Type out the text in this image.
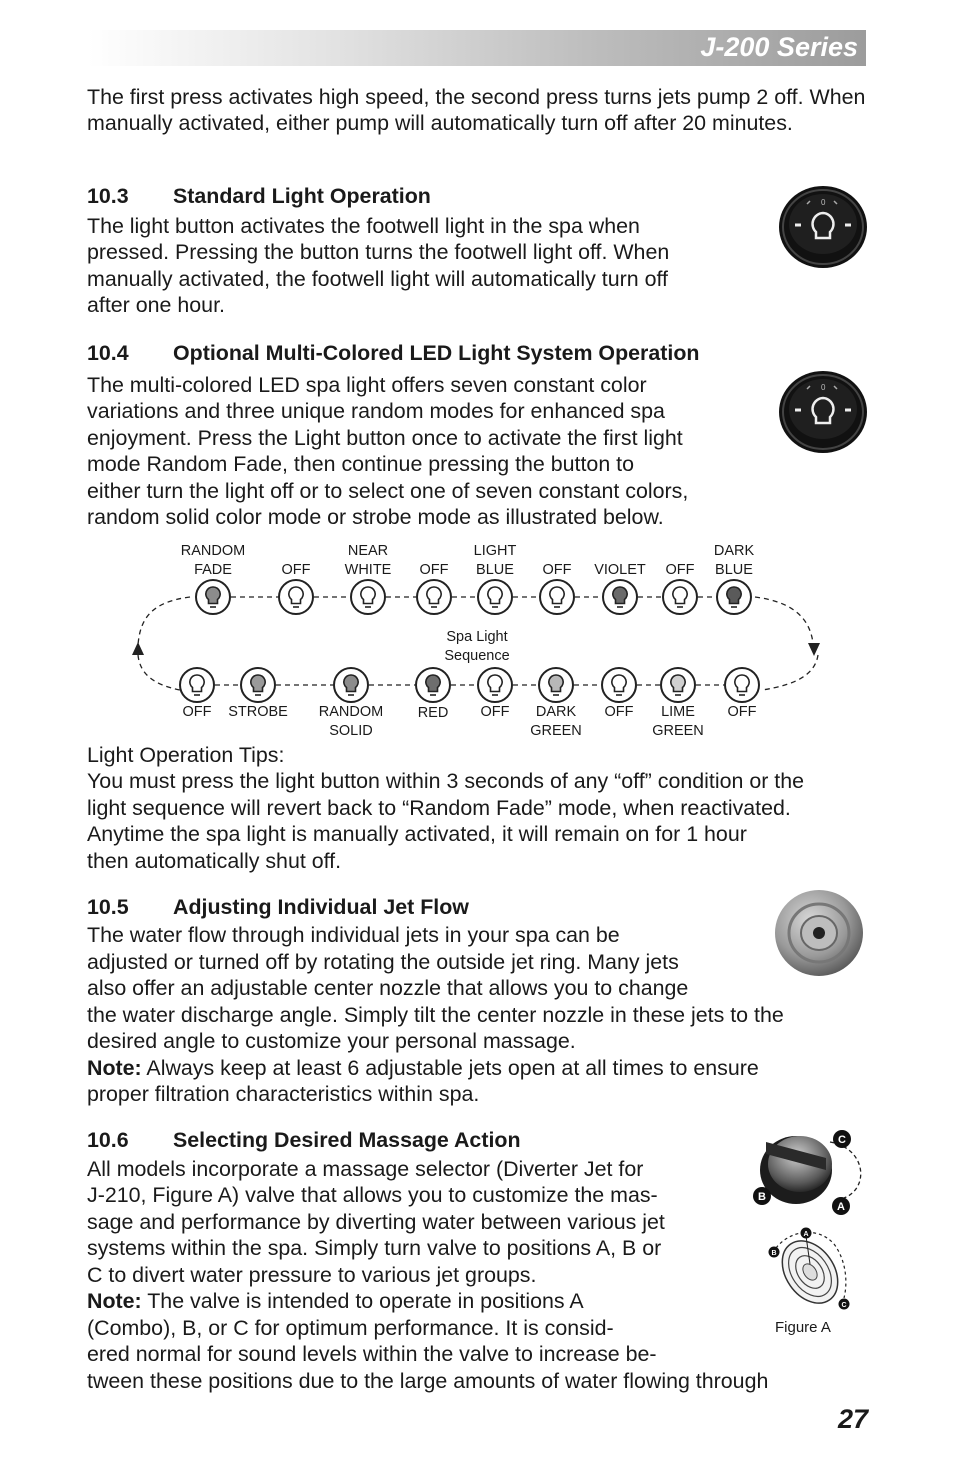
J-200 Series

The first press activates high speed, the second press turns jets pump 2 off. When manually activated, either pump will automatically turn off after 20 minutes.

10.3 Standard Light Operation

The light button activates the footwell light in the spa when

pressed. Pressing the button turns the footwell light off. When

manually activated, the footwell light will automatically turn off

after one hour.

0

10.4 Optional Multi-Colored LED Light System Operation

The multi-colored LED spa light offers seven constant color

variations and three unique random modes for enhanced spa

enjoyment. Press the Light button once to activate the first light

mode Random Fade, then continue pressing the button to

either turn the light off or to select one of seven constant colors,

random solid color mode or strobe mode as illustrated below.

0
Spa Light Sequence
RANDOM
FADE	OFF
NEAR
WHITE	OFF
LIGHT
BLUE	OFF	VIOLET	OFF
DARK
BLUE
OFF	STROBE	RANDOM
SOLID
RED	OFF	DARK
GREEN
OFF	LIME
GREEN
OFF

Light Operation Tips:

You must press the light button within 3 seconds of any “off” condition or the

light sequence will revert back to “Random Fade” mode, when reactivated.

Anytime the spa light is manually activated, it will remain on for 1 hour

then automatically shut off.

10.5 Adjusting Individual Jet Flow

The water flow through individual jets in your spa can be

adjusted or turned off by rotating the outside jet ring. Many jets

also offer an adjustable center nozzle that allows you to change

the water discharge angle. Simply tilt the center nozzle in these jets to the

desired angle to customize your personal massage.

Note: Always keep at least 6 adjustable jets open at all times to ensure

proper filtration characteristics within spa.

10.6 Selecting Desired Massage Action

All models incorporate a massage selector (Diverter Jet for

J-210, Figure A) valve that allows you to customize the mas-

sage and performance by diverting water between various jet

systems within the spa. Simply turn valve to positions A, B or

C to divert water pressure to various jet groups.

Note: The valve is intended to operate in positions A

(Combo), B, or C for optimum performance. It is consid-

ered normal for sound levels within the valve to increase be-

tween these positions due to the large amounts of water flowing through

C
B
A
A
B
C
Figure A
27
